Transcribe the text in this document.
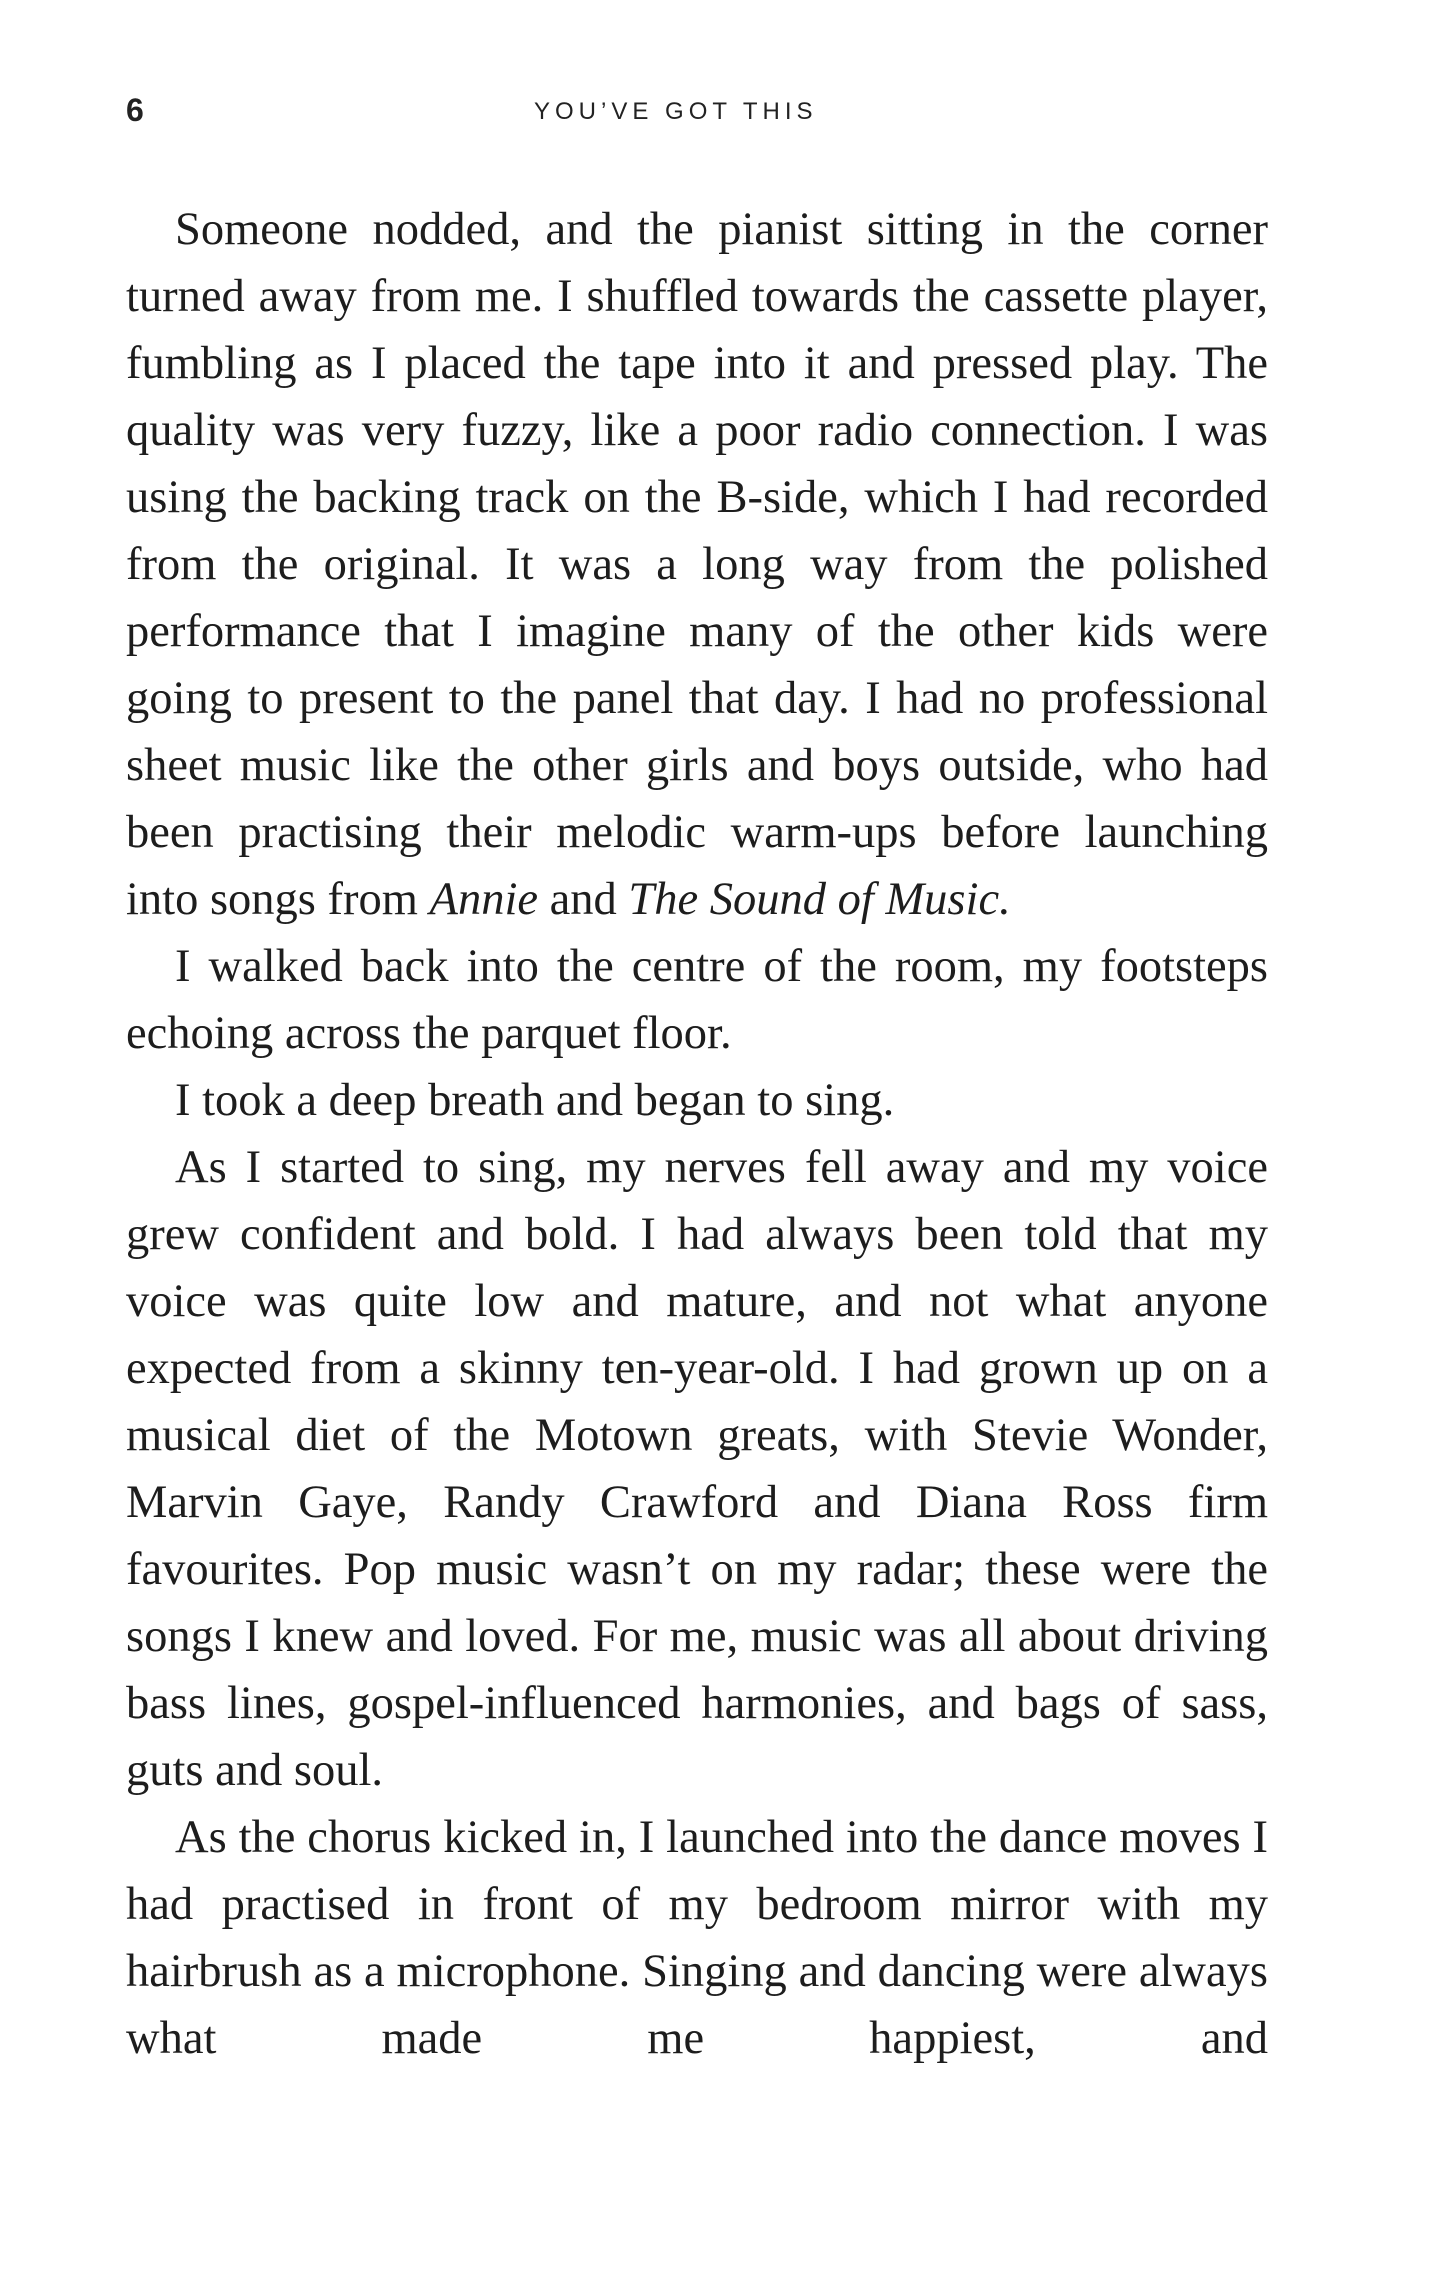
6	YOU’VE GOT THIS

Someone nodded, and the pianist sitting in the corner turned away from me. I shuffled towards the cassette player, fumbling as I placed the tape into it and pressed play. The quality was very fuzzy, like a poor radio connection. I was using the backing track on the B-side, which I had recorded from the original. It was a long way from the polished performance that I imagine many of the other kids were going to present to the panel that day. I had no professional sheet music like the other girls and boys outside, who had been practising their melodic warm-ups before launching into songs from Annie and The Sound of Music.

I walked back into the centre of the room, my footsteps echoing across the parquet floor.

I took a deep breath and began to sing.

As I started to sing, my nerves fell away and my voice grew confident and bold. I had always been told that my voice was quite low and mature, and not what anyone expected from a skinny ten-year-old. I had grown up on a musical diet of the Motown greats, with Stevie Wonder, Marvin Gaye, Randy Crawford and Diana Ross firm favourites. Pop music wasn’t on my radar; these were the songs I knew and loved. For me, music was all about driving bass lines, gospel-influenced harmonies, and bags of sass, guts and soul.

As the chorus kicked in, I launched into the dance moves I had practised in front of my bedroom mirror with my hairbrush as a microphone. Singing and dancing were always what made me happiest, and
